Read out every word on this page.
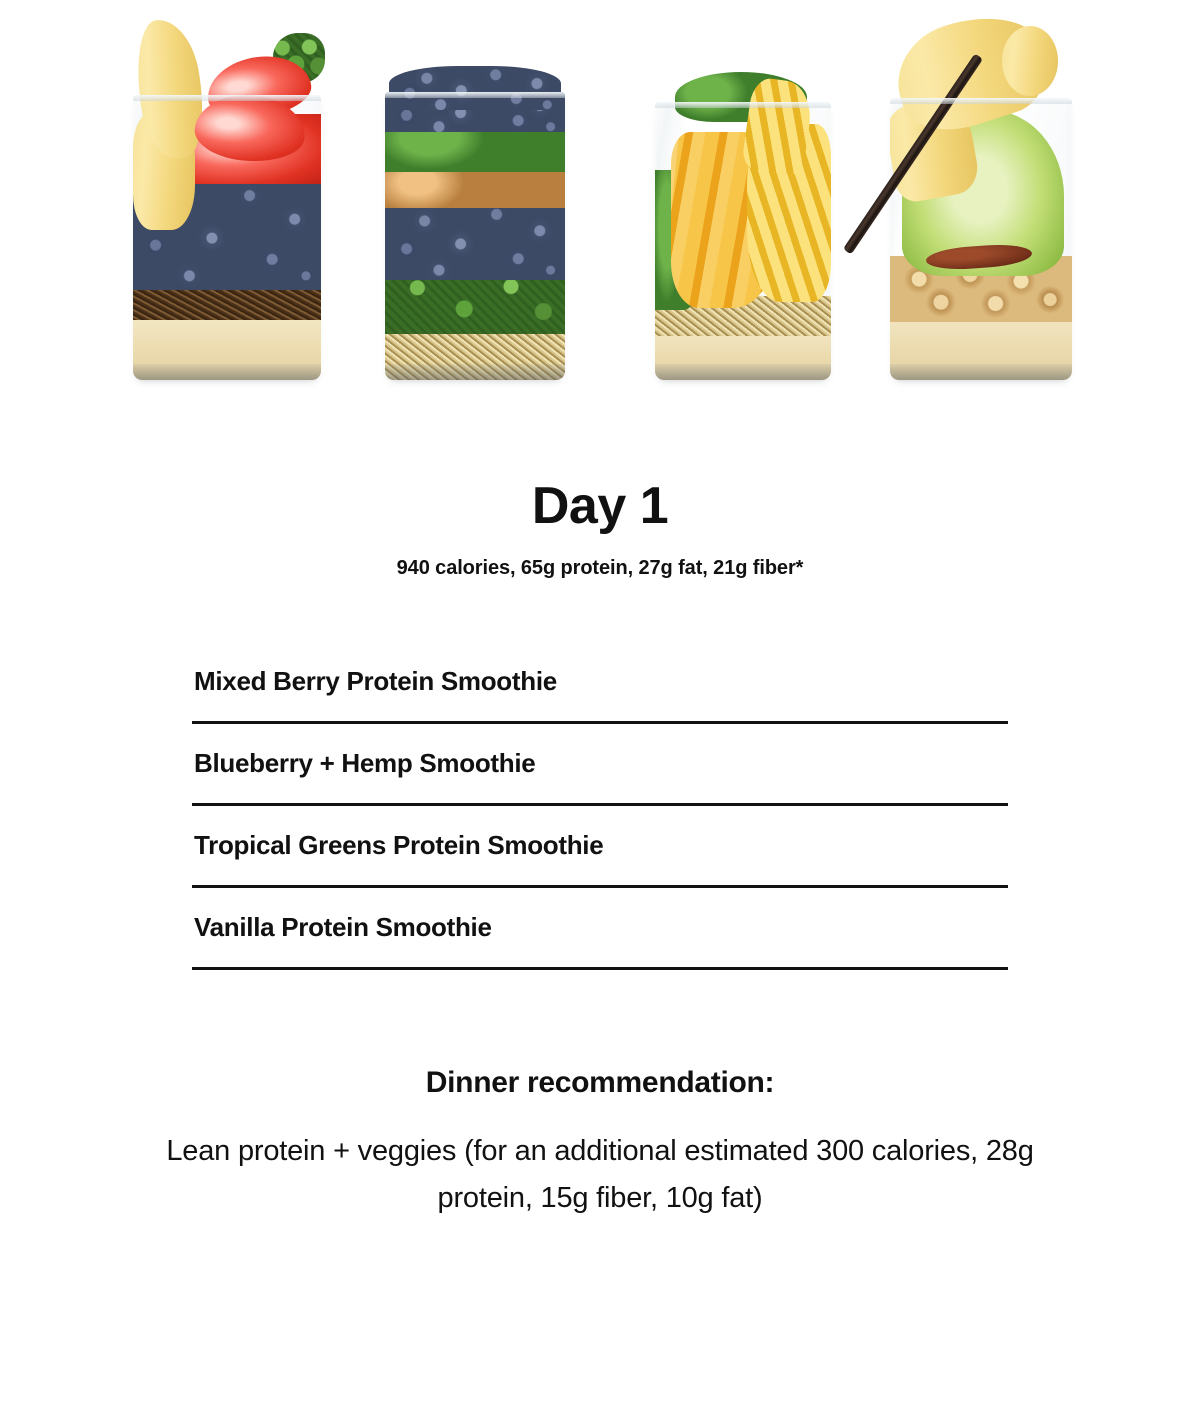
Day 1

940 calories, 65g protein, 27g fat, 21g fiber*

Mixed Berry Protein Smoothie
Blueberry + Hemp Smoothie
Tropical Greens Protein Smoothie
Vanilla Protein Smoothie
Dinner recommendation:

Lean protein + veggies (for an additional estimated 300 calories, 28g protein, 15g fiber, 10g fat)
